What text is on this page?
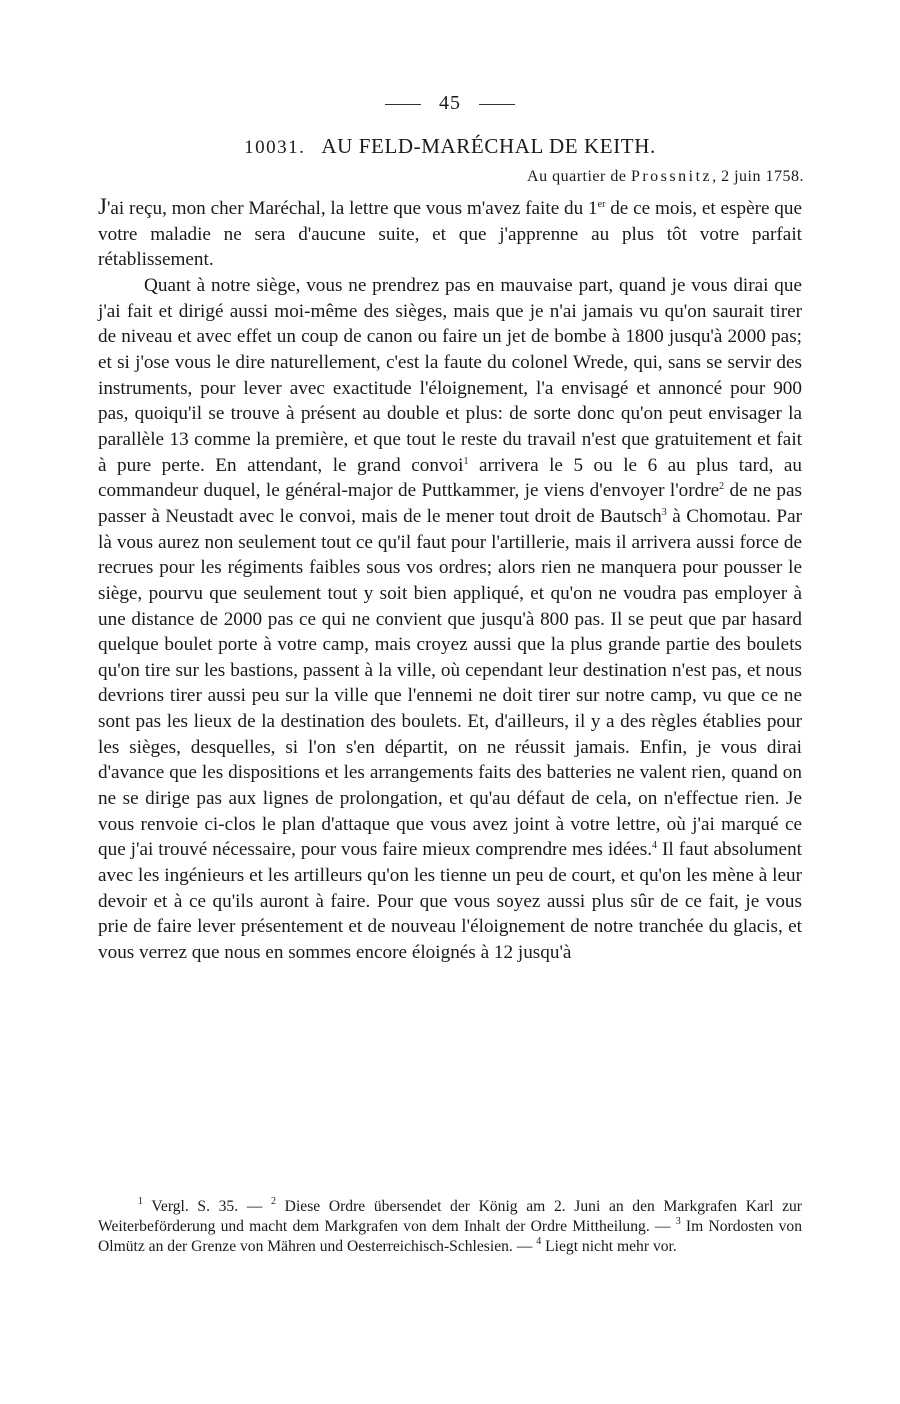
45
10031. AU FELD-MARÉCHAL DE KEITH.
Au quartier de Prossnitz, 2 juin 1758.

J'ai reçu, mon cher Maréchal, la lettre que vous m'avez faite du 1er de ce mois, et espère que votre maladie ne sera d'aucune suite, et que j'apprenne au plus tôt votre parfait rétablissement.

Quant à notre siège, vous ne prendrez pas en mauvaise part, quand je vous dirai que j'ai fait et dirigé aussi moi-même des sièges, mais que je n'ai jamais vu qu'on saurait tirer de niveau et avec effet un coup de canon ou faire un jet de bombe à 1800 jusqu'à 2000 pas; et si j'ose vous le dire naturellement, c'est la faute du colonel Wrede, qui, sans se servir des instruments, pour lever avec exactitude l'éloignement, l'a envisagé et annoncé pour 900 pas, quoiqu'il se trouve à présent au double et plus: de sorte donc qu'on peut envisager la parallèle 13 comme la première, et que tout le reste du travail n'est que gratuitement et fait à pure perte. En attendant, le grand convoi$^1$ arrivera le 5 ou le 6 au plus tard, au commandeur duquel, le général-major de Puttkammer, je viens d'envoyer l'ordre$^2$ de ne pas passer à Neustadt avec le convoi, mais de le mener tout droit de Bautsch$^3$ à Chomotau. Par là vous aurez non seulement tout ce qu'il faut pour l'artillerie, mais il arrivera aussi force de recrues pour les régiments faibles sous vos ordres; alors rien ne manquera pour pousser le siège, pourvu que seulement tout y soit bien appliqué, et qu'on ne voudra pas employer à une distance de 2000 pas ce qui ne convient que jusqu'à 800 pas. Il se peut que par hasard quelque boulet porte à votre camp, mais croyez aussi que la plus grande partie des boulets qu'on tire sur les bastions, passent à la ville, où cependant leur destination n'est pas, et nous devrions tirer aussi peu sur la ville que l'ennemi ne doit tirer sur notre camp, vu que ce ne sont pas les lieux de la destination des boulets. Et, d'ailleurs, il y a des règles établies pour les sièges, desquelles, si l'on s'en départit, on ne réussit jamais. Enfin, je vous dirai d'avance que les dispositions et les arrangements faits des batteries ne valent rien, quand on ne se dirige pas aux lignes de prolongation, et qu'au défaut de cela, on n'effectue rien. Je vous renvoie ci-clos le plan d'attaque que vous avez joint à votre lettre, où j'ai marqué ce que j'ai trouvé nécessaire, pour vous faire mieux comprendre mes idées.$^4$ Il faut absolument avec les ingénieurs et les artilleurs qu'on les tienne un peu de court, et qu'on les mène à leur devoir et à ce qu'ils auront à faire. Pour que vous soyez aussi plus sûr de ce fait, je vous prie de faire lever présentement et de nouveau l'éloignement de notre tranchée du glacis, et vous verrez que nous en sommes encore éloignés à 12 jusqu'à

$^1$ Vergl. S. 35. — $^2$ Diese Ordre übersendet der König am 2. Juni an den Markgrafen Karl zur Weiterbeförderung und macht dem Markgrafen von dem Inhalt der Ordre Mittheilung. — $^3$ Im Nordosten von Olmütz an der Grenze von Mähren und Oesterreichisch-Schlesien. — $^4$ Liegt nicht mehr vor.
